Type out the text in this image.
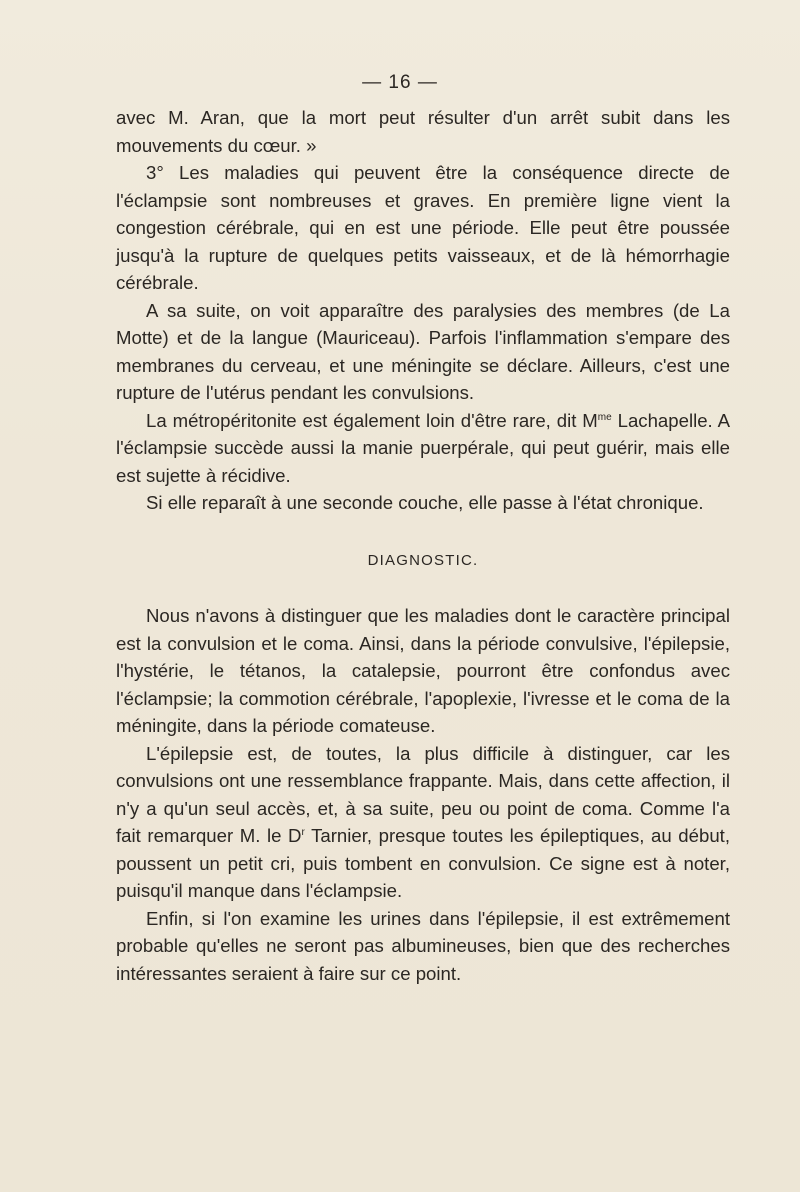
— 16 —

avec M. Aran, que la mort peut résulter d'un arrêt subit dans les mouvements du cœur. »

3° Les maladies qui peuvent être la conséquence directe de l'éclampsie sont nombreuses et graves. En première ligne vient la congestion cérébrale, qui en est une période. Elle peut être poussée jusqu'à la rupture de quelques petits vaisseaux, et de là hémorrhagie cérébrale.

A sa suite, on voit apparaître des paralysies des membres (de La Motte) et de la langue (Mauriceau). Parfois l'inflammation s'empare des membranes du cerveau, et une méningite se déclare. Ailleurs, c'est une rupture de l'utérus pendant les convulsions.

La métropéritonite est également loin d'être rare, dit $M^{me}$ Lachapelle. A l'éclampsie succède aussi la manie puerpérale, qui peut guérir, mais elle est sujette à récidive.

Si elle reparaît à une seconde couche, elle passe à l'état chronique.

DIAGNOSTIC.

Nous n'avons à distinguer que les maladies dont le caractère principal est la convulsion et le coma. Ainsi, dans la période convulsive, l'épilepsie, l'hystérie, le tétanos, la catalepsie, pourront être confondus avec l'éclampsie; la commotion cérébrale, l'apoplexie, l'ivresse et le coma de la méningite, dans la période comateuse.

L'épilepsie est, de toutes, la plus difficile à distinguer, car les convulsions ont une ressemblance frappante. Mais, dans cette affection, il n'y a qu'un seul accès, et, à sa suite, peu ou point de coma. Comme l'a fait remarquer M. le $D^r$ Tarnier, presque toutes les épileptiques, au début, poussent un petit cri, puis tombent en convulsion. Ce signe est à noter, puisqu'il manque dans l'éclampsie.

Enfin, si l'on examine les urines dans l'épilepsie, il est extrêmement probable qu'elles ne seront pas albumineuses, bien que des recherches intéressantes seraient à faire sur ce point.
